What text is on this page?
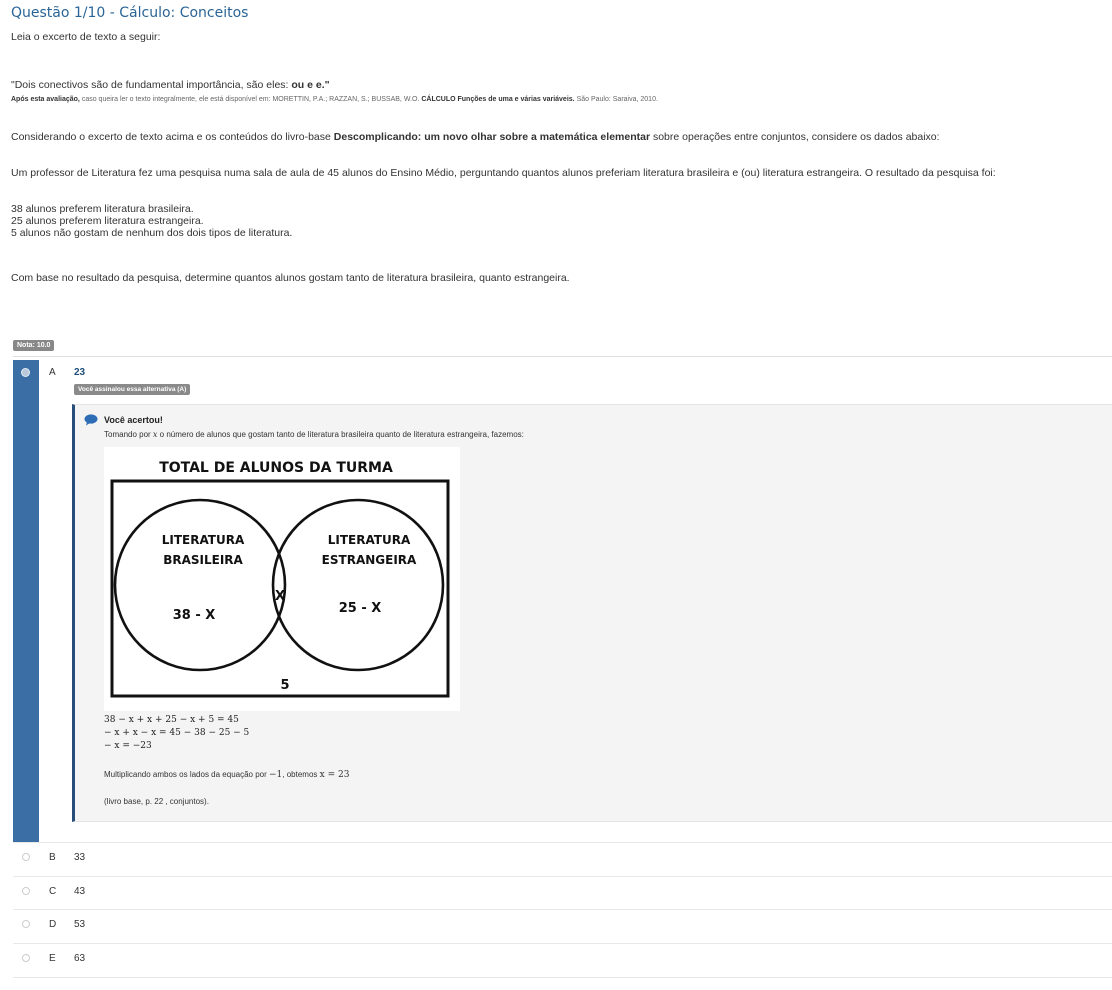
Questão 1/10 - Cálculo: Conceitos
Leia o excerto de texto a seguir:
"Dois conectivos são de fundamental importância, são eles: ou e e."
Após esta avaliação, caso queira ler o texto integralmente, ele está disponível em: MORETTIN, P.A.; RAZZAN, S.; BUSSAB, W.O. CÁLCULO Funções de uma e várias variáveis. São Paulo: Saraiva, 2010.
Considerando o excerto de texto acima e os conteúdos do livro-base Descomplicando: um novo olhar sobre a matemática elementar sobre operações entre conjuntos, considere os dados abaixo:
Um professor de Literatura fez uma pesquisa numa sala de aula de 45 alunos do Ensino Médio, perguntando quantos alunos preferiam literatura brasileira e (ou) literatura estrangeira. O resultado da pesquisa foi:
38 alunos preferem literatura brasileira.
25 alunos preferem literatura estrangeira.
5 alunos não gostam de nenhum dos dois tipos de literatura.
Com base no resultado da pesquisa, determine quantos alunos gostam tanto de literatura brasileira, quanto estrangeira.
Nota: 10.0
A 23
Você assinalou essa alternativa (A)
Você acertou!
Tomando por x o número de alunos que gostam tanto de literatura brasileira quanto de literatura estrangeira, fazemos:
TOTAL DE ALUNOS DA TURMA
LITERATURA
BRASILEIRA
LITERATURA
ESTRANGEIRA
38 - X
X
25 - X
5
38 − x + x + 25 − x + 5 = 45
− x + x − x = 45 − 38 − 25 − 5
− x = −23
Multiplicando ambos os lados da equação por −1, obtemos x = 23
(livro base, p. 22 , conjuntos).
B 33
C 43
D 53
E 63
